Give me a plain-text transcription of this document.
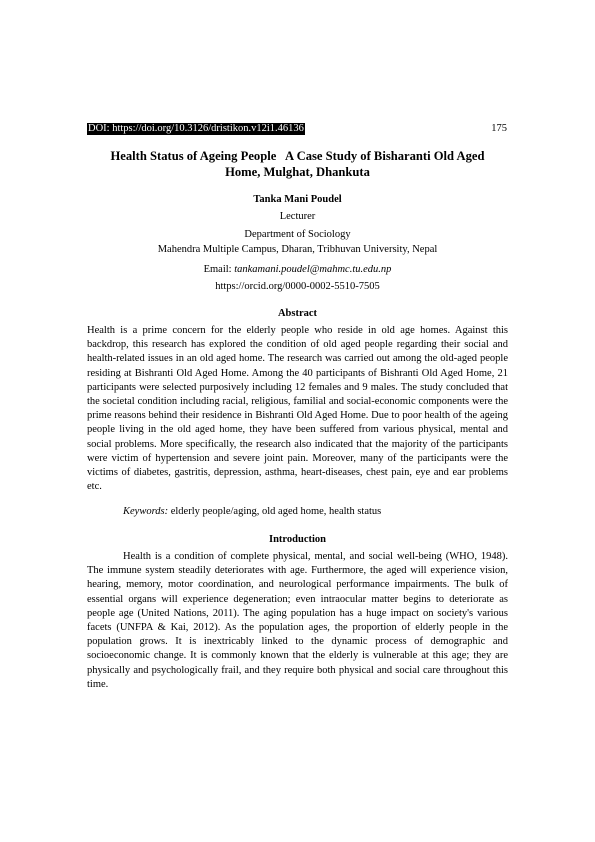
DOI: https://doi.org/10.3126/dristikon.v12i1.46136	175
Health Status of Ageing People   A Case Study of Bisharanti Old Aged
Home, Mulghat, Dhankuta
Tanka Mani Poudel
Lecturer
Department of Sociology
Mahendra Multiple Campus, Dharan, Tribhuvan University, Nepal
Email: tankamani.poudel@mahmc.tu.edu.np
https://orcid.org/0000-0002-5510-7505
Abstract

Health is a prime concern for the elderly people who reside in old age homes. Against this backdrop, this research has explored the condition of old aged people regarding their social and health-related issues in an old aged home. The research was carried out among the old-aged people residing at Bishranti Old Aged Home. Among the 40 participants of Bishranti Old Aged Home, 21 participants were selected purposively including 12 females and 9 males. The study concluded that the societal condition including racial, religious, familial and social-economic components were the prime reasons behind their residence in Bishranti Old Aged Home. Due to poor health of the ageing people living in the old aged home, they have been suffered from various physical, mental and social problems. More specifically, the research also indicated that the majority of the participants were victim of hypertension and severe joint pain. Moreover, many of the participants were the victims of diabetes, gastritis, depression, asthma, heart-diseases, chest pain, eye and ear problems etc.

Keywords: elderly people/aging, old aged home, health status
Introduction

Health is a condition of complete physical, mental, and social well-being (WHO, 1948). The immune system steadily deteriorates with age. Furthermore, the aged will experience vision, hearing, memory, motor coordination, and neurological performance impairments. The bulk of essential organs will experience degeneration; even intraocular matter begins to deteriorate as people age (United Nations, 2011). The aging population has a huge impact on society's various facets (UNFPA & Kai, 2012). As the population ages, the proportion of elderly people in the population grows. It is inextricably linked to the dynamic process of demographic and socioeconomic change. It is commonly known that the elderly is vulnerable at this age; they are physically and psychologically frail, and they require both physical and social care throughout this time.
